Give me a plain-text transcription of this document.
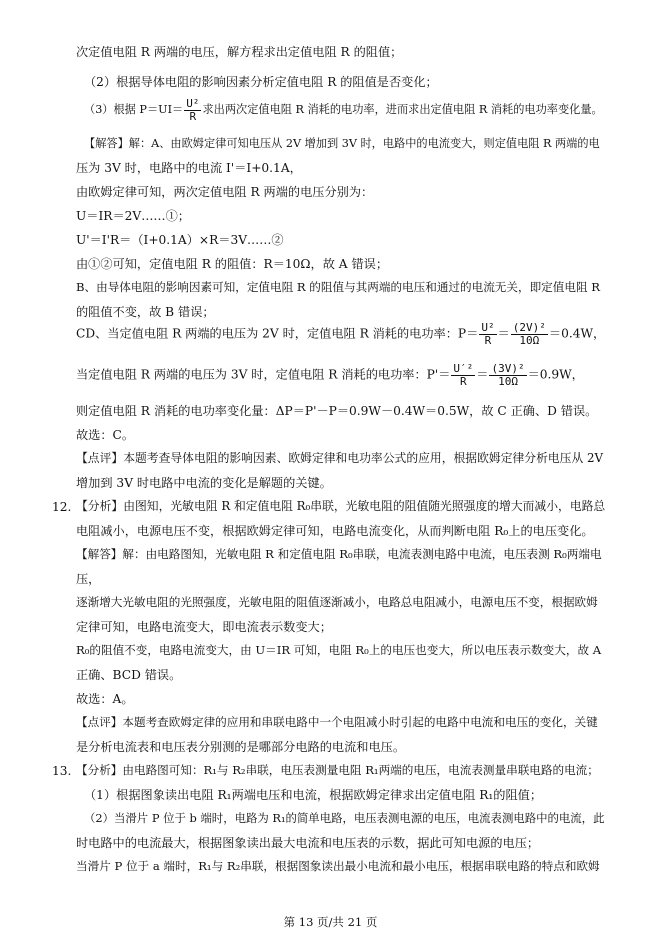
次定值电阻 R 两端的电压，解方程求出定值电阻 R 的阻值；
（2）根据导体电阻的影响因素分析定值电阻 R 的阻值是否变化；
（3）根据 $P=UI= \frac{\text{U²}}{R}$ 求出两次定值电阻 R 消耗的电功率，进而求出定值电阻 R 消耗的电功率变化量。
【解答】解：A、由欧姆定律可知电压从 2V 增加到 3V 时，电路中的电流变大，则定值电阻 R 两端的电
压为 3V 时，电路中的电流 I'＝I+0.1A，
由欧姆定律可知，两次定值电阻 R 两端的电压分别为：
U＝IR＝2V……①；
U'＝I'R＝（I+0.1A）×R＝3V……②
由①②可知，定值电阻 R 的阻值：R＝10Ω，故 A 错误；
B、由导体电阻的影响因素可知，定值电阻 R 的阻值与其两端的电压和通过的电流无关，即定值电阻 R
的阻值不变，故 B 错误；
CD、当定值电阻 R 两端的电压为 2V 时，定值电阻 R 消耗的电功率：$P= \frac{\text{U²}}{R} = \frac{\text{(2V)²}}{10\Omega} =0.4W$，
当定值电阻 R 两端的电压为 3V 时，定值电阻 R 消耗的电功率：$P'= \frac{\text{U′²}}{R} = \frac{\text{(3V)²}}{10\Omega} =0.9W$，
则定值电阻 R 消耗的电功率变化量：ΔP＝P'－P＝0.9W－0.4W＝0.5W，故 C 正确、D 错误。
故选：C。
【点评】本题考查导体电阻的影响因素、欧姆定律和电功率公式的应用，根据欧姆定律分析电压从 2V
增加到 3V 时电路中电流的变化是解题的关键。
12. 【分析】由图知，光敏电阻 R 和定值电阻 R₀串联，光敏电阻的阻值随光照强度的增大而减小，电路总
电阻减小，电源电压不变，根据欧姆定律可知，电路电流变化，从而判断电阻 R₀上的电压变化。
【解答】解：由电路图知，光敏电阻 R 和定值电阻 R₀串联，电流表测电路中电流，电压表测 R₀两端电
压，
逐渐增大光敏电阻的光照强度，光敏电阻的阻值逐渐减小，电路总电阻减小，电源电压不变，根据欧姆
定律可知，电路电流变大，即电流表示数变大；
R₀的阻值不变，电路电流变大，由 U＝IR 可知，电阻 R₀上的电压也变大，所以电压表示数变大，故 A
正确、BCD 错误。
故选：A。
【点评】本题考查欧姆定律的应用和串联电路中一个电阻减小时引起的电路中电流和电压的变化，关键
是分析电流表和电压表分别测的是哪部分电路的电流和电压。
13. 【分析】由电路图可知：R₁与 R₂串联，电压表测量电阻 R₁两端的电压，电流表测量串联电路的电流；
（1）根据图象读出电阻 R₁两端电压和电流，根据欧姆定律求出定值电阻 R₁的阻值；
（2）当滑片 P 位于 b 端时，电路为 R₁的简单电路，电压表测电源的电压，电流表测电路中的电流，此
时电路中的电流最大，根据图象读出最大电流和电压表的示数，据此可知电源的电压；
当滑片 P 位于 a 端时，R₁与 R₂串联，根据图象读出最小电流和最小电压，根据串联电路的特点和欧姆
第 13 页/共 21 页
